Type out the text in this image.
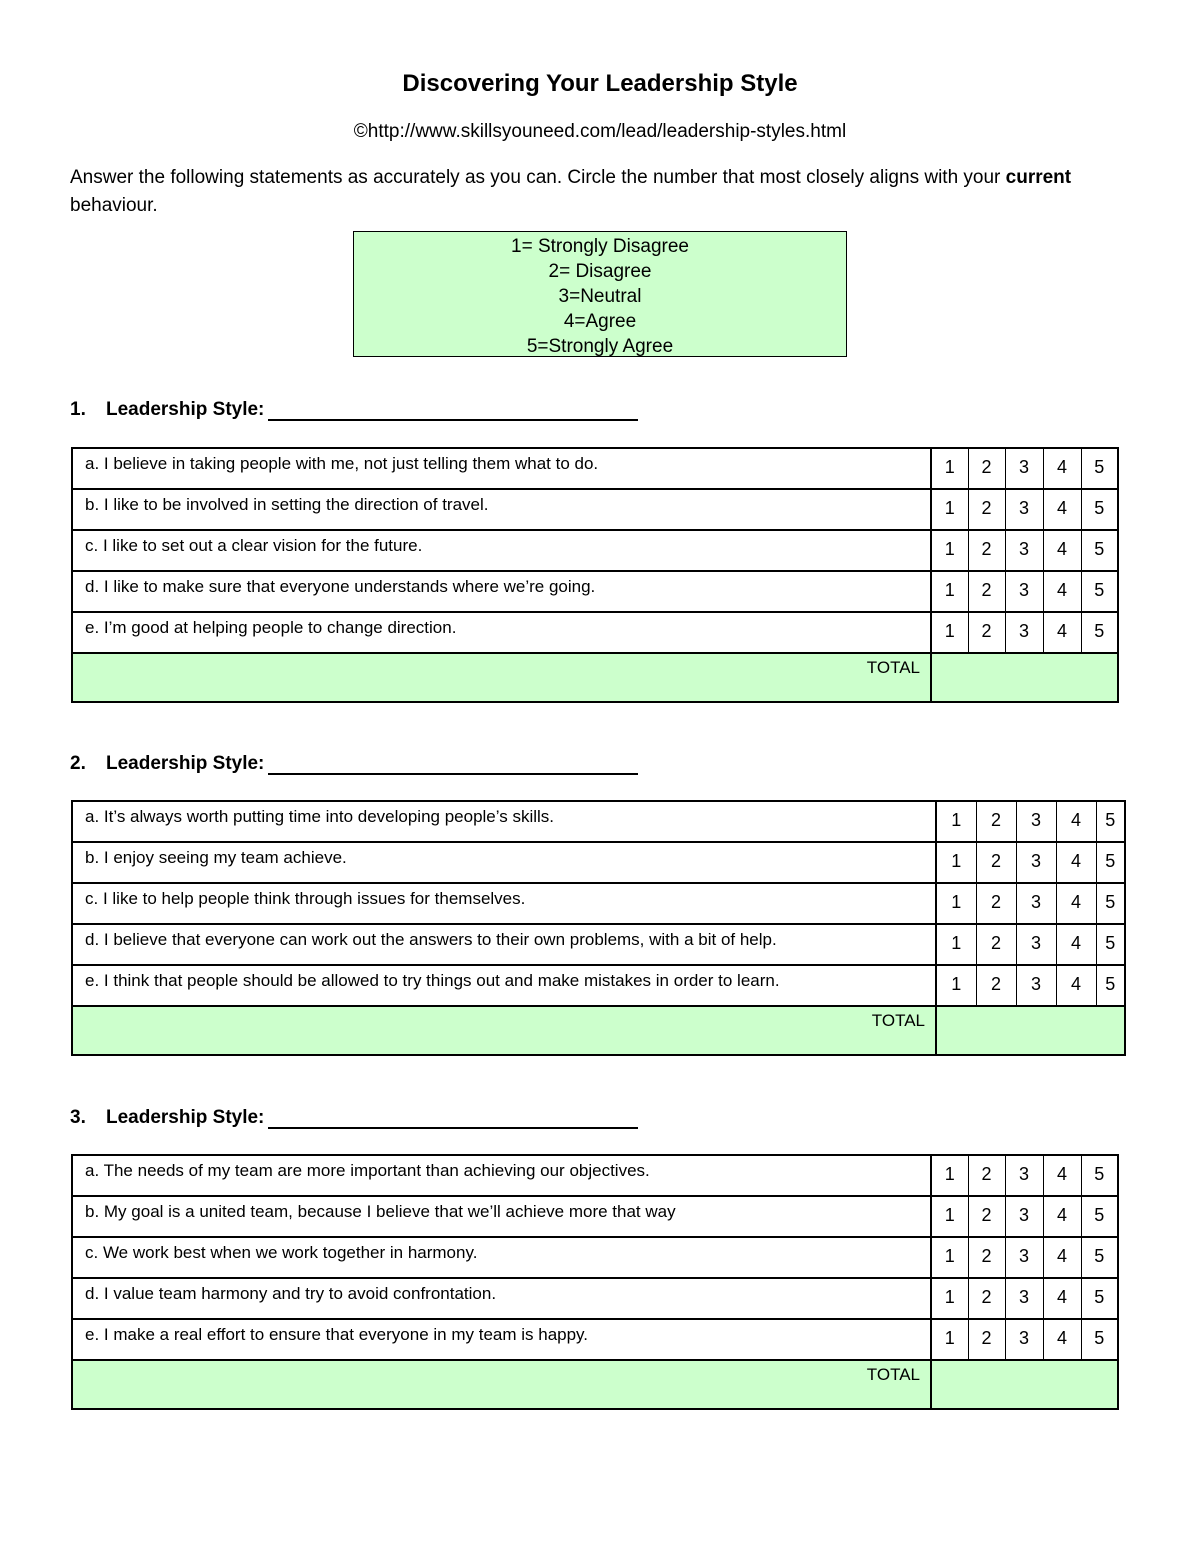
Discovering Your Leadership Style
©http://www.skillsyouneed.com/lead/leadership-styles.html
Answer the following statements as accurately as you can. Circle the number that most closely aligns with your current behaviour.
1= Strongly Disagree
2= Disagree
3=Neutral
4=Agree
5=Strongly Agree
1. Leadership Style:
a. I believe in taking people with me, not just telling them what to do.	1	2	3	4	5
b. I like to be involved in setting the direction of travel.	1	2	3	4	5
c. I like to set out a clear vision for the future.	1	2	3	4	5
d. I like to make sure that everyone understands where we’re going.	1	2	3	4	5
e. I’m good at helping people to change direction.	1	2	3	4	5
TOTAL					
2. Leadership Style:
a. It’s always worth putting time into developing people’s skills.	1	2	3	4	5
b. I enjoy seeing my team achieve.	1	2	3	4	5
c. I like to help people think through issues for themselves.	1	2	3	4	5
d. I believe that everyone can work out the answers to their own problems, with a bit of help.	1	2	3	4	5
e. I think that people should be allowed to try things out and make mistakes in order to learn.	1	2	3	4	5
TOTAL					
3. Leadership Style:
a. The needs of my team are more important than achieving our objectives.	1	2	3	4	5
b. My goal is a united team, because I believe that we’ll achieve more that way	1	2	3	4	5
c. We work best when we work together in harmony.	1	2	3	4	5
d. I value team harmony and try to avoid confrontation.	1	2	3	4	5
e. I make a real effort to ensure that everyone in my team is happy.	1	2	3	4	5
TOTAL					
